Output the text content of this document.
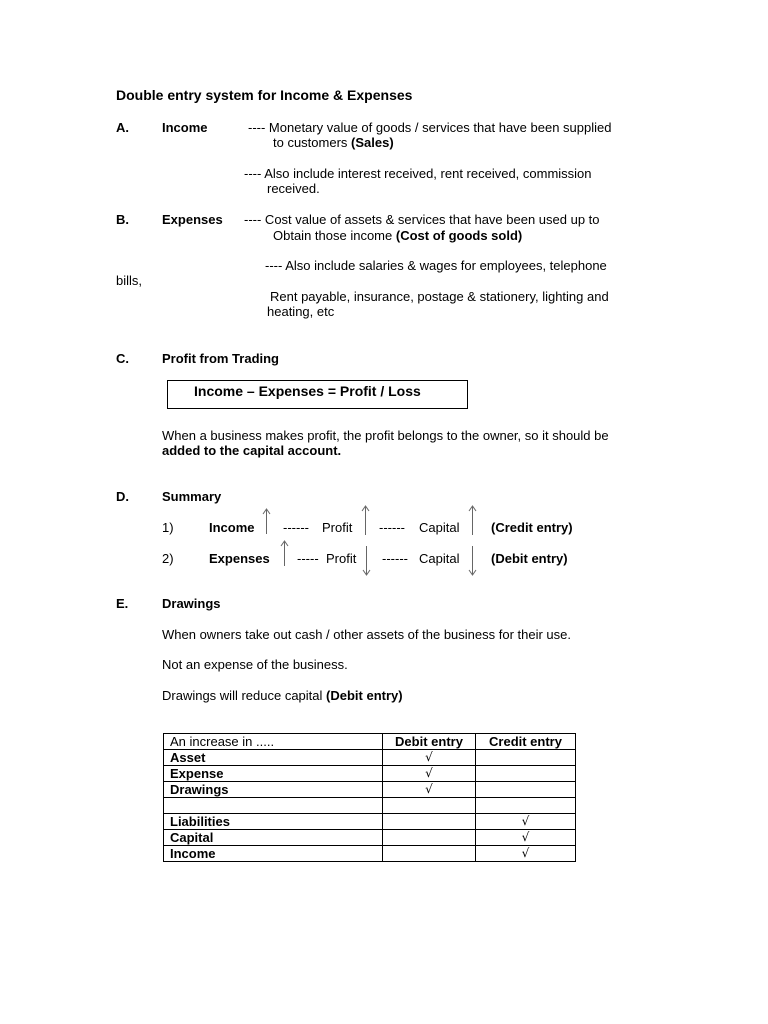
Double entry system for Income & Expenses
A.	Income	---- Monetary value of goods / services that have been supplied
to customers (Sales)
---- Also include interest received, rent received, commission
received.
B.	Expenses ---- Cost value of assets & services that have been used up to
Obtain those income (Cost of goods sold)
---- Also include salaries & wages for employees, telephone
bills,
Rent payable, insurance, postage & stationery, lighting and
heating, etc
C.	Profit from Trading
Income – Expenses = Profit / Loss
When a business makes profit, the profit belongs to the owner, so it should be
added to the capital account.
D.	Summary
1)	Income ------ Profit ------ Capital (Credit entry)
2)	Expenses ----- Profit ------ Capital (Debit entry)
E.	Drawings
When owners take out cash / other assets of the business for their use.
Not an expense of the business.
Drawings will reduce capital (Debit entry)
An increase in .....	Debit entry	Credit entry
Asset	√	
Expense	√	
Drawings	√	

Liabilities		√
Capital		√
Income		√
